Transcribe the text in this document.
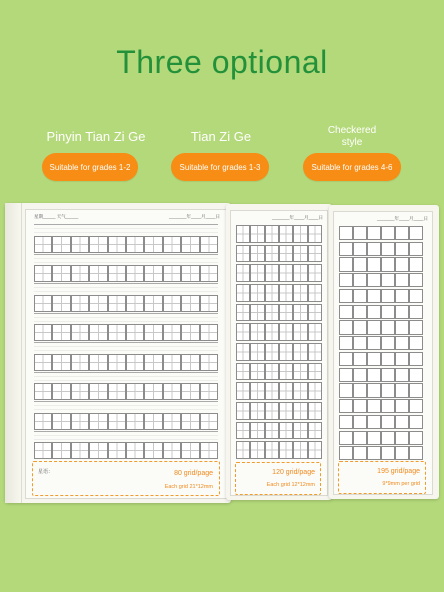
Three optional
Pinyin Tian Zi Ge	Tian Zi Ge	Checkered
style
Suitable for grades 1-2	Suitable for grades 1-3	Suitable for grades 4-6
星期_____ 天气_____	_______年____月____日
星语：	80 grid/page
Each grid 21*12mm
_______年____月____日
120 grid/page
Each grid 12*12mm
_______年____月____日
195 grid/page
9*9mm per grid
